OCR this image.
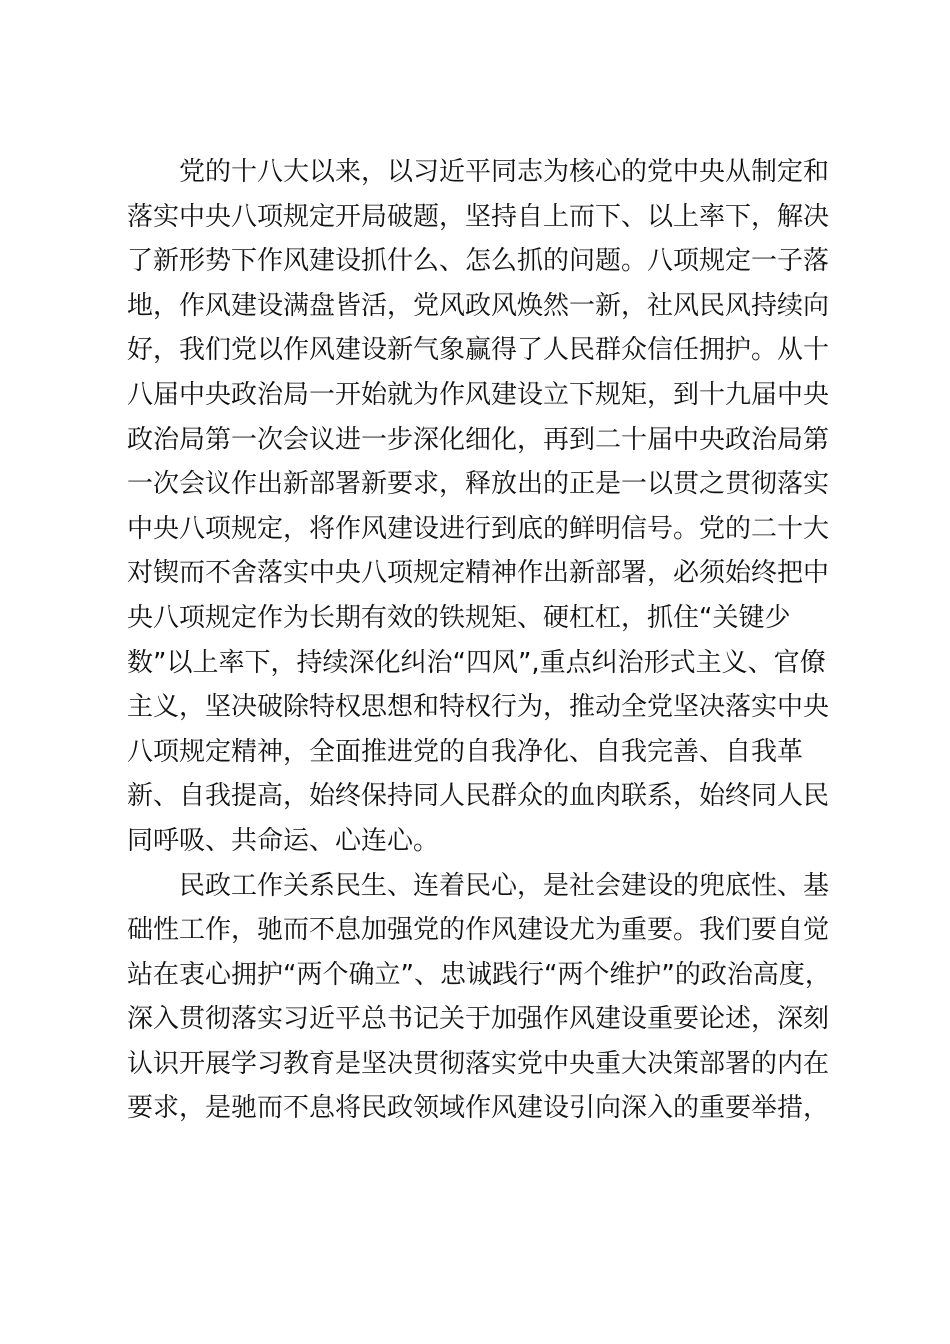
党的十八大以来，以习近平同志为核心的党中央从制定和
落实中央八项规定开局破题，坚持自上而下、以上率下，解决
了新形势下作风建设抓什么、怎么抓的问题。八项规定一子落
地，作风建设满盘皆活，党风政风焕然一新，社风民风持续向
好，我们党以作风建设新气象赢得了人民群众信任拥护。从十
八届中央政治局一开始就为作风建设立下规矩，到十九届中央
政治局第一次会议进一步深化细化，再到二十届中央政治局第
一次会议作出新部署新要求，释放出的正是一以贯之贯彻落实
中央八项规定，将作风建设进行到底的鲜明信号。党的二十大
对锲而不舍落实中央八项规定精神作出新部署，必须始终把中
央八项规定作为长期有效的铁规矩、硬杠杠，抓住“关键少
数”以上率下，持续深化纠治“四风”,重点纠治形式主义、官僚
主义，坚决破除特权思想和特权行为，推动全党坚决落实中央
八项规定精神，全面推进党的自我净化、自我完善、自我革
新、自我提高，始终保持同人民群众的血肉联系，始终同人民
同呼吸、共命运、心连心。
民政工作关系民生、连着民心，是社会建设的兜底性、基
础性工作，驰而不息加强党的作风建设尤为重要。我们要自觉
站在衷心拥护“两个确立”、忠诚践行“两个维护”的政治高度，
深入贯彻落实习近平总书记关于加强作风建设重要论述，深刻
认识开展学习教育是坚决贯彻落实党中央重大决策部署的内在
要求，是驰而不息将民政领域作风建设引向深入的重要举措，
